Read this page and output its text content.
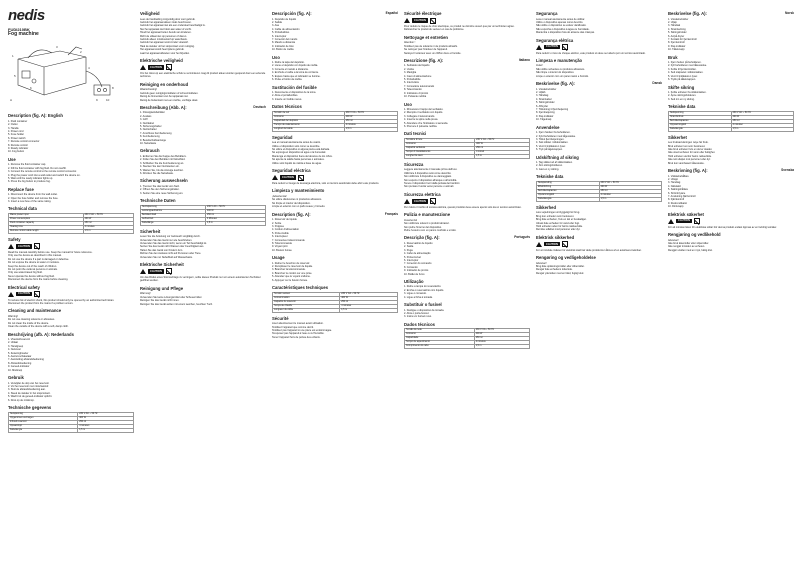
nedis
FUDI210BK
Fog machine
1
3
2
5
6
4
8
9	10
A
Description (fig. A): English
1. Fluid container
2. Outlet
3. Handle
4. Power cord
5. Fuse holder
6. Power switch
7. Remote control connector
8. Remote control
9. Ready indicator
10. Fog button
Use
1. Remove the fluid container cap.
2. Fill the fluid container with fog fluid. Do not overfill.
3. Connect the remote control to the remote control connector.
4. Plug the power cord into a wall outlet and switch the device on.
5. Wait until the ready indicator lights up.
6. Press the fog button to produce fog.
Replace fuse
1. Disconnect the device from the wall outlet.
2. Open the fuse holder and remove the fuse.
3. Insert a new fuse of the same rating.
Technical data
Mains power input	230 V AC ~ 50 Hz
Power consumption	400 W
Fluid container capacity	250 ml
Heating time	4 minutes
Remote control cable length	1.5 m
Safety
CAUTION
Read the manual carefully before use. Keep the manual for future reference.
Only use the device as described in this manual.
Do not use the device if a part is damaged or defective.
Do not expose the device to water or moisture.
Keep the device out of the reach of children.
Do not point the outlet at persons or animals.
Only use water-based fog fluid.
Never operate the device without fog fluid.
Disconnect the device from the mains before cleaning.
Electrical safety
CAUTION
To reduce risk of electric shock, this product should only be opened by an authorized technician.
Disconnect the product from the mains if a problem occurs.
Cleaning and maintenance
Warning!
Do not use cleaning solvents or abrasives.
Do not clean the inside of the device.
Clean the outside of the device with a soft, damp cloth.
Beschrijving (afb. A): Nederlands
1. Vloeistofreservoir
2. Uitlaat
3. Handgreep
4. Netsnoer
5. Zekeringhouder
6. Aan/uit-schakelaar
7. Aansluiting afstandsbediening
8. Afstandsbediening
9. Gereed-indicator
10. Mistknop
Gebruik
1. Verwijder de dop van het reservoir.
2. Vul het reservoir met mistvloeistof.
3. Sluit de afstandsbediening aan.
4. Steek de stekker in het stopcontact.
5. Wacht tot de gereed-indicator oplicht.
6. Druk op de mistknop.
Technische gegevens
Netspanning	230 V AC ~ 50 Hz
Opgenomen vermogen	400 W
Inhoud reservoir	250 ml
Opwarmtijd	4 minuten
Kabellengte	1,5 m
Veiligheid
Lees de handleiding zorgvuldig door voor gebruik.
Gebruik het apparaat alleen zoals beschreven.
Gebruik het apparaat niet als een onderdeel beschadigd is.
Stel het apparaat niet bloot aan water of vocht.
Houd het apparaat buiten bereik van kinderen.
Richt de uitlaat niet op personen of dieren.
Gebruik alleen mistvloeistof op waterbasis.
Gebruik het apparaat nooit zonder vloeistof.
Haal de stekker uit het stopcontact voor reiniging.
Het apparaat wordt heet tijdens gebruik.
Laat het apparaat afkoelen voor het bijvullen.
Elektrische veiligheid
CAUTION
Om het risico op een elektrische schok te verminderen mag dit product alleen worden geopend door een erkende technicus.
Reiniging en onderhoud
Waarschuwing!
Gebruik geen reinigingsmiddelen of schuurmiddelen.
Reinig de binnenkant van het apparaat niet.
Reinig de buitenkant met een zachte, vochtige doek.
Beschreibung (Abb. A):	Deutsch
1. Flüssigkeitsbehälter
2. Auslass
3. Griff
4. Netzkabel
5. Sicherungshalter
6. Netzschalter
7. Anschluss Fernbedienung
8. Fernbedienung
9. Bereitschaftsanzeige
10. Nebeltaste
Gebrauch
1. Entfernen Sie die Kappe des Behälters.
2. Füllen Sie den Behälter mit Nebelfluid.
3. Schließen Sie die Fernbedienung an.
4. Stecken Sie den Netzstecker ein.
5. Warten Sie, bis die Anzeige leuchtet.
6. Drücken Sie die Nebeltaste.
Sicherung auswechseln
1. Trennen Sie das Gerät vom Netz.
2. Öffnen Sie den Sicherungshalter.
3. Setzen Sie eine neue Sicherung ein.
Technische Daten
Netzspannung	230 V AC ~ 50 Hz
Leistungsaufnahme	400 W
Behälterinhalt	250 ml
Aufheizzeit	4 Minuten
Kabellänge	1,5 m
Sicherheit
Lesen Sie die Anleitung vor Gebrauch sorgfältig durch.
Verwenden Sie das Gerät nur wie beschrieben.
Verwenden Sie das Gerät nicht, wenn ein Teil beschädigt ist.
Setzen Sie das Gerät nicht Wasser oder Feuchtigkeit aus.
Halten Sie das Gerät von Kindern fern.
Richten Sie den Auslass nicht auf Personen oder Tiere.
Verwenden Sie nur Nebelfluid auf Wasserbasis.
Elektrische Sicherheit
CAUTION
Um das Risiko eines Stromschlags zu verringern, sollte dieses Produkt nur von einem autorisierten Techniker geöffnet werden.
Reinigung und Pflege
Warnung!
Verwenden Sie keine Lösungsmittel oder Scheuermittel.
Reinigen Sie das Gerät nicht innen.
Reinigen Sie das Gerät außen mit einem weichen, feuchten Tuch.
Descripción (fig. A):	Español
1. Depósito de líquido
2. Salida
3. Asa
4. Cable de alimentación
5. Portafusibles
6. Interruptor
7. Conector del mando
8. Mando a distancia
9. Indicador de listo
10. Botón de niebla
Uso
1. Retire la tapa del depósito.
2. Llene el depósito con líquido de niebla.
3. Conecte el mando a distancia.
4. Enchufe el cable a la toma de corriente.
5. Espere hasta que el indicador se ilumine.
6. Pulse el botón de niebla.
Sustitución del fusible
1. Desconecte el dispositivo de la toma.
2. Abra el portafusibles.
3. Inserte un fusible nuevo.
Datos técnicos
Tensión de red	230 V CA ~ 50 Hz
Consumo	400 W
Capacidad del depósito	250 ml
Tiempo de calentamiento	4 minutos
Longitud del cable	1,5 m
Seguridad
Lea el manual atentamente antes de usarlo.
Utilice el dispositivo solo como se describe.
No utilice el dispositivo si alguna pieza está dañada.
No exponga el dispositivo al agua o la humedad.
Mantenga el dispositivo fuera del alcance de los niños.
No apunte la salida hacia personas o animales.
Utilice solo líquido de niebla a base de agua.
Seguridad eléctrica
CAUTION
Para reducir el riesgo de descarga eléctrica, solo un técnico autorizado debe abrir este producto.
Limpieza y mantenimiento
¡Advertencia!
No utilice disolventes ni productos abrasivos.
No limpie el interior del dispositivo.
Limpie el exterior con un paño suave y húmedo.
Description (fig. A):	Français
1. Réservoir de liquide
2. Sortie
3. Poignée
4. Cordon d'alimentation
5. Porte-fusible
6. Interrupteur
7. Connecteur télécommande
8. Télécommande
9. Voyant prêt
10. Bouton fumée
Usage
1. Retirez le bouchon du réservoir.
2. Remplissez le réservoir de liquide.
3. Branchez la télécommande.
4. Branchez le cordon sur une prise.
5. Attendez que le voyant s'allume.
6. Appuyez sur le bouton fumée.
Caractéristiques techniques
Tension secteur	230 V CA ~ 50 Hz
Consommation	400 W
Capacité du réservoir	250 ml
Temps de chauffe	4 minutes
Longueur du câble	1,5 m
Sécurité
Lisez attentivement le manuel avant utilisation.
N'utilisez l'appareil que comme décrit.
N'utilisez pas l'appareil si une pièce est endommagée.
N'exposez pas l'appareil à l'eau ou à l'humidité.
Tenez l'appareil hors de portée des enfants.
Sécurité électrique
CAUTION
Pour réduire le risque de choc électrique, ce produit ne doit être ouvert que par un technicien agréé.
Débranchez le produit du secteur en cas de problème.
Nettoyage et entretien
Attention !
N'utilisez pas de solvants ni de produits abrasifs.
Ne nettoyez pas l'intérieur de l'appareil.
Nettoyez l'extérieur avec un chiffon doux et humide.
Descrizione (fig. A):	Italiano
1. Serbatoio del liquido
2. Uscita
3. Maniglia
4. Cavo di alimentazione
5. Portafusibile
6. Interruttore
7. Connettore telecomando
8. Telecomando
9. Indicatore di pronto
10. Pulsante nebbia
Uso
1. Rimuovere il tappo del serbatoio.
2. Riempire il serbatoio con liquido.
3. Collegare il telecomando.
4. Inserire la spina nella presa.
5. Attendere che l'indicatore si accenda.
6. Premere il pulsante nebbia.
Dati tecnici
Tensione di rete	230 V CA ~ 50 Hz
Consumo	400 W
Capacità serbatoio	250 ml
Tempo di riscaldamento	4 minuti
Lunghezza cavo	1,5 m
Sicurezza
Leggere attentamente il manuale prima dell'uso.
Utilizzare il dispositivo solo come descritto.
Non utilizzare il dispositivo se danneggiato.
Non esporre il dispositivo all'acqua o all'umidità.
Tenere il dispositivo fuori dalla portata dei bambini.
Non puntare l'uscita verso persone o animali.
Sicurezza elettrica
CAUTION
Per ridurre il rischio di scossa elettrica, questo prodotto deve essere aperto solo da un tecnico autorizzato.
Pulizia e manutenzione
Avvertenza!
Non utilizzare solventi o prodotti abrasivi.
Non pulire l'interno del dispositivo.
Pulire l'esterno con un panno morbido e umido.
Descrição (fig. A):	Português
1. Reservatório de líquido
2. Saída
3. Pega
4. Cabo de alimentação
5. Porta-fusível
6. Interruptor
7. Conector do comando
8. Comando
9. Indicador de pronto
10. Botão de fumo
Utilização
1. Retire a tampa do reservatório.
2. Encha o reservatório com líquido.
3. Ligue o comando.
4. Ligue a ficha à tomada.
Substituir o fusível
1. Desligue o dispositivo da tomada.
2. Abra o porta-fusível.
3. Insira um fusível novo.
Dados técnicos
Tensão de rede	230 V CA ~ 50 Hz
Consumo	400 W
Capacidade	250 ml
Tempo de aquecimento	4 minutos
Comprimento do cabo	1,5 m
Segurança
Leia o manual atentamente antes de utilizar.
Utilize o dispositivo apenas como descrito.
Não utilize o dispositivo se estiver danificado.
Não exponha o dispositivo à água ou humidade.
Mantenha o dispositivo fora do alcance das crianças.
Segurança elétrica
CAUTION
Para reduzir o risco de choque elétrico, este produto só deve ser aberto por um técnico autorizado.
Limpeza e manutenção
Aviso!
Não utilize solventes ou produtos abrasivos.
Não limpe o interior do dispositivo.
Limpe o exterior com um pano macio e húmido.
Beskrivelse (fig. A):	Dansk
1. Væskebeholder
2. Udløb
3. Håndtag
4. Strømkabel
5. Sikringsholder
6. Afbryder
7. Tilslutning til fjernbetjening
8. Fjernbetjening
9. Klar-indikator
10. Tågeknap
Anvendelse
1. Fjern hætten fra beholderen.
2. Fyld beholderen med tågevæske.
3. Tilslut fjernbetjeningen.
4. Sæt stikket i stikkontakten.
5. Vent til indikatoren lyser.
6. Tryk på tågeknappen.
Udskiftning af sikring
1. Tag stikket ud af stikkontakten.
2. Åbn sikringsholderen.
3. Isæt en ny sikring.
Tekniske data
Netspænding	230 V AC ~ 50 Hz
Effektforbrug	400 W
Beholderkapacitet	250 ml
Opvarmningstid	4 minutter
Kabellængde	1,5 m
Sikkerhed
Læs vejledningen omhyggeligt før brug.
Brug kun enheden som beskrevet.
Brug ikke enheden, hvis en del er beskadiget.
Udsæt ikke enheden for vand eller fugt.
Hold enheden uden for børns rækkevidde.
Ret ikke udløbet mod personer eller dyr.
Elektrisk sikkerhed
CAUTION
For at mindske risikoen for elektrisk stød bør dette produkt kun åbnes af en autoriseret tekniker.
Rengøring og vedligeholdelse
Advarsel!
Brug ikke opløsningsmidler eller slibemidler.
Rengør ikke enhedens inderside.
Rengør ydersiden med en blød, fugtig klud.
Beskrivelse (fig. A):	Norsk
1. Væskebeholder
2. Utløp
3. Håndtak
4. Strømledning
5. Sikringsholder
6. Av/på-bryter
7. Kontakt for fjernkontroll
8. Fjernkontroll
9. Klar-indikator
10. Tåkeknapp
Bruk
1. Fjern hetten på beholderen.
2. Fyll beholderen med tåkevæske.
3. Koble til fjernkontrollen.
4. Sett støpselet i stikkontakten.
5. Vent til indikatoren lyser.
6. Trykk på tåkeknappen.
Skifte sikring
1. Koble enheten fra stikkontakten.
2. Åpne sikringsholderen.
3. Sett inn en ny sikring.
Tekniske data
Nettspenning	230 V AC ~ 50 Hz
Strømforbruk	400 W
Beholderkapasitet	250 ml
Oppvarmingstid	4 minutter
Kabellengde	1,5 m
Sikkerhet
Les bruksanvisningen nøye før bruk.
Bruk enheten kun som beskrevet.
Ikke bruk enheten hvis en del er skadet.
Ikke utsett enheten for vann eller fuktighet.
Hold enheten utenfor barns rekkevidde.
Ikke rett utløpet mot personer eller dyr.
Bruk kun vannbasert tåkevæske.
Beskrivning (fig. A):	Svenska
1. Vätskebehållare
2. Utlopp
3. Handtag
4. Nätsladd
5. Säkringshållare
6. Strömbrytare
7. Anslutning fjärrkontroll
8. Fjärrkontroll
9. Redo-indikator
10. Dimknapp
Elektrisk säkerhet
CAUTION
För att minska risken för elektriska stötar bör denna produkt endast öppnas av en behörig tekniker.
Rengjøring og vedlikehold
Advarsel!
Ikke bruk løsemidler eller slipemidler.
Ikke rengjør innsiden av enheten.
Rengjør utsiden med en myk, fuktig klut.
